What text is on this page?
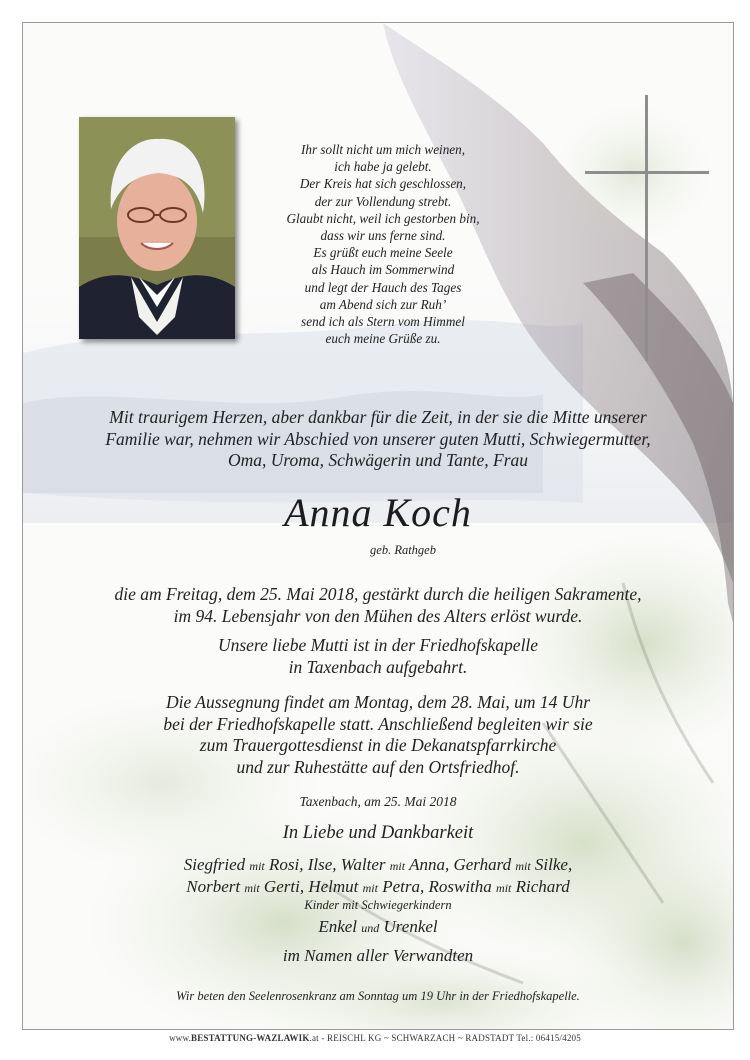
Ihr sollt nicht um mich weinen,
ich habe ja gelebt.
Der Kreis hat sich geschlossen,
der zur Vollendung strebt.
Glaubt nicht, weil ich gestorben bin,
dass wir uns ferne sind.
Es grüßt euch meine Seele
als Hauch im Sommerwind
und legt der Hauch des Tages
am Abend sich zur Ruh’
send ich als Stern vom Himmel
euch meine Grüße zu.
Mit traurigem Herzen, aber dankbar für die Zeit, in der sie die Mitte unserer
Familie war, nehmen wir Abschied von unserer guten Mutti, Schwiegermutter,
Oma, Uroma, Schwägerin und Tante, Frau
Anna Koch
geb. Rathgeb
die am Freitag, dem 25. Mai 2018, gestärkt durch die heiligen Sakramente,
im 94. Lebensjahr von den Mühen des Alters erlöst wurde.
Unsere liebe Mutti ist in der Friedhofskapelle
in Taxenbach aufgebahrt.
Die Aussegnung findet am Montag, dem 28. Mai, um 14 Uhr
bei der Friedhofskapelle statt. Anschließend begleiten wir sie
zum Trauergottesdienst in die Dekanatspfarrkirche
und zur Ruhestätte auf den Ortsfriedhof.
Taxenbach, am 25. Mai 2018
In Liebe und Dankbarkeit
Siegfried mit Rosi, Ilse, Walter mit Anna, Gerhard mit Silke,
Norbert mit Gerti, Helmut mit Petra, Roswitha mit Richard
Kinder mit Schwiegerkindern
Enkel und Urenkel
im Namen aller Verwandten
Wir beten den Seelenrosenkranz am Sonntag um 19 Uhr in der Friedhofskapelle.
www.BESTATTUNG-WAZLAWIK.at - REISCHL KG ~ SCHWARZACH ~ RADSTADT Tel.: 06415/4205
